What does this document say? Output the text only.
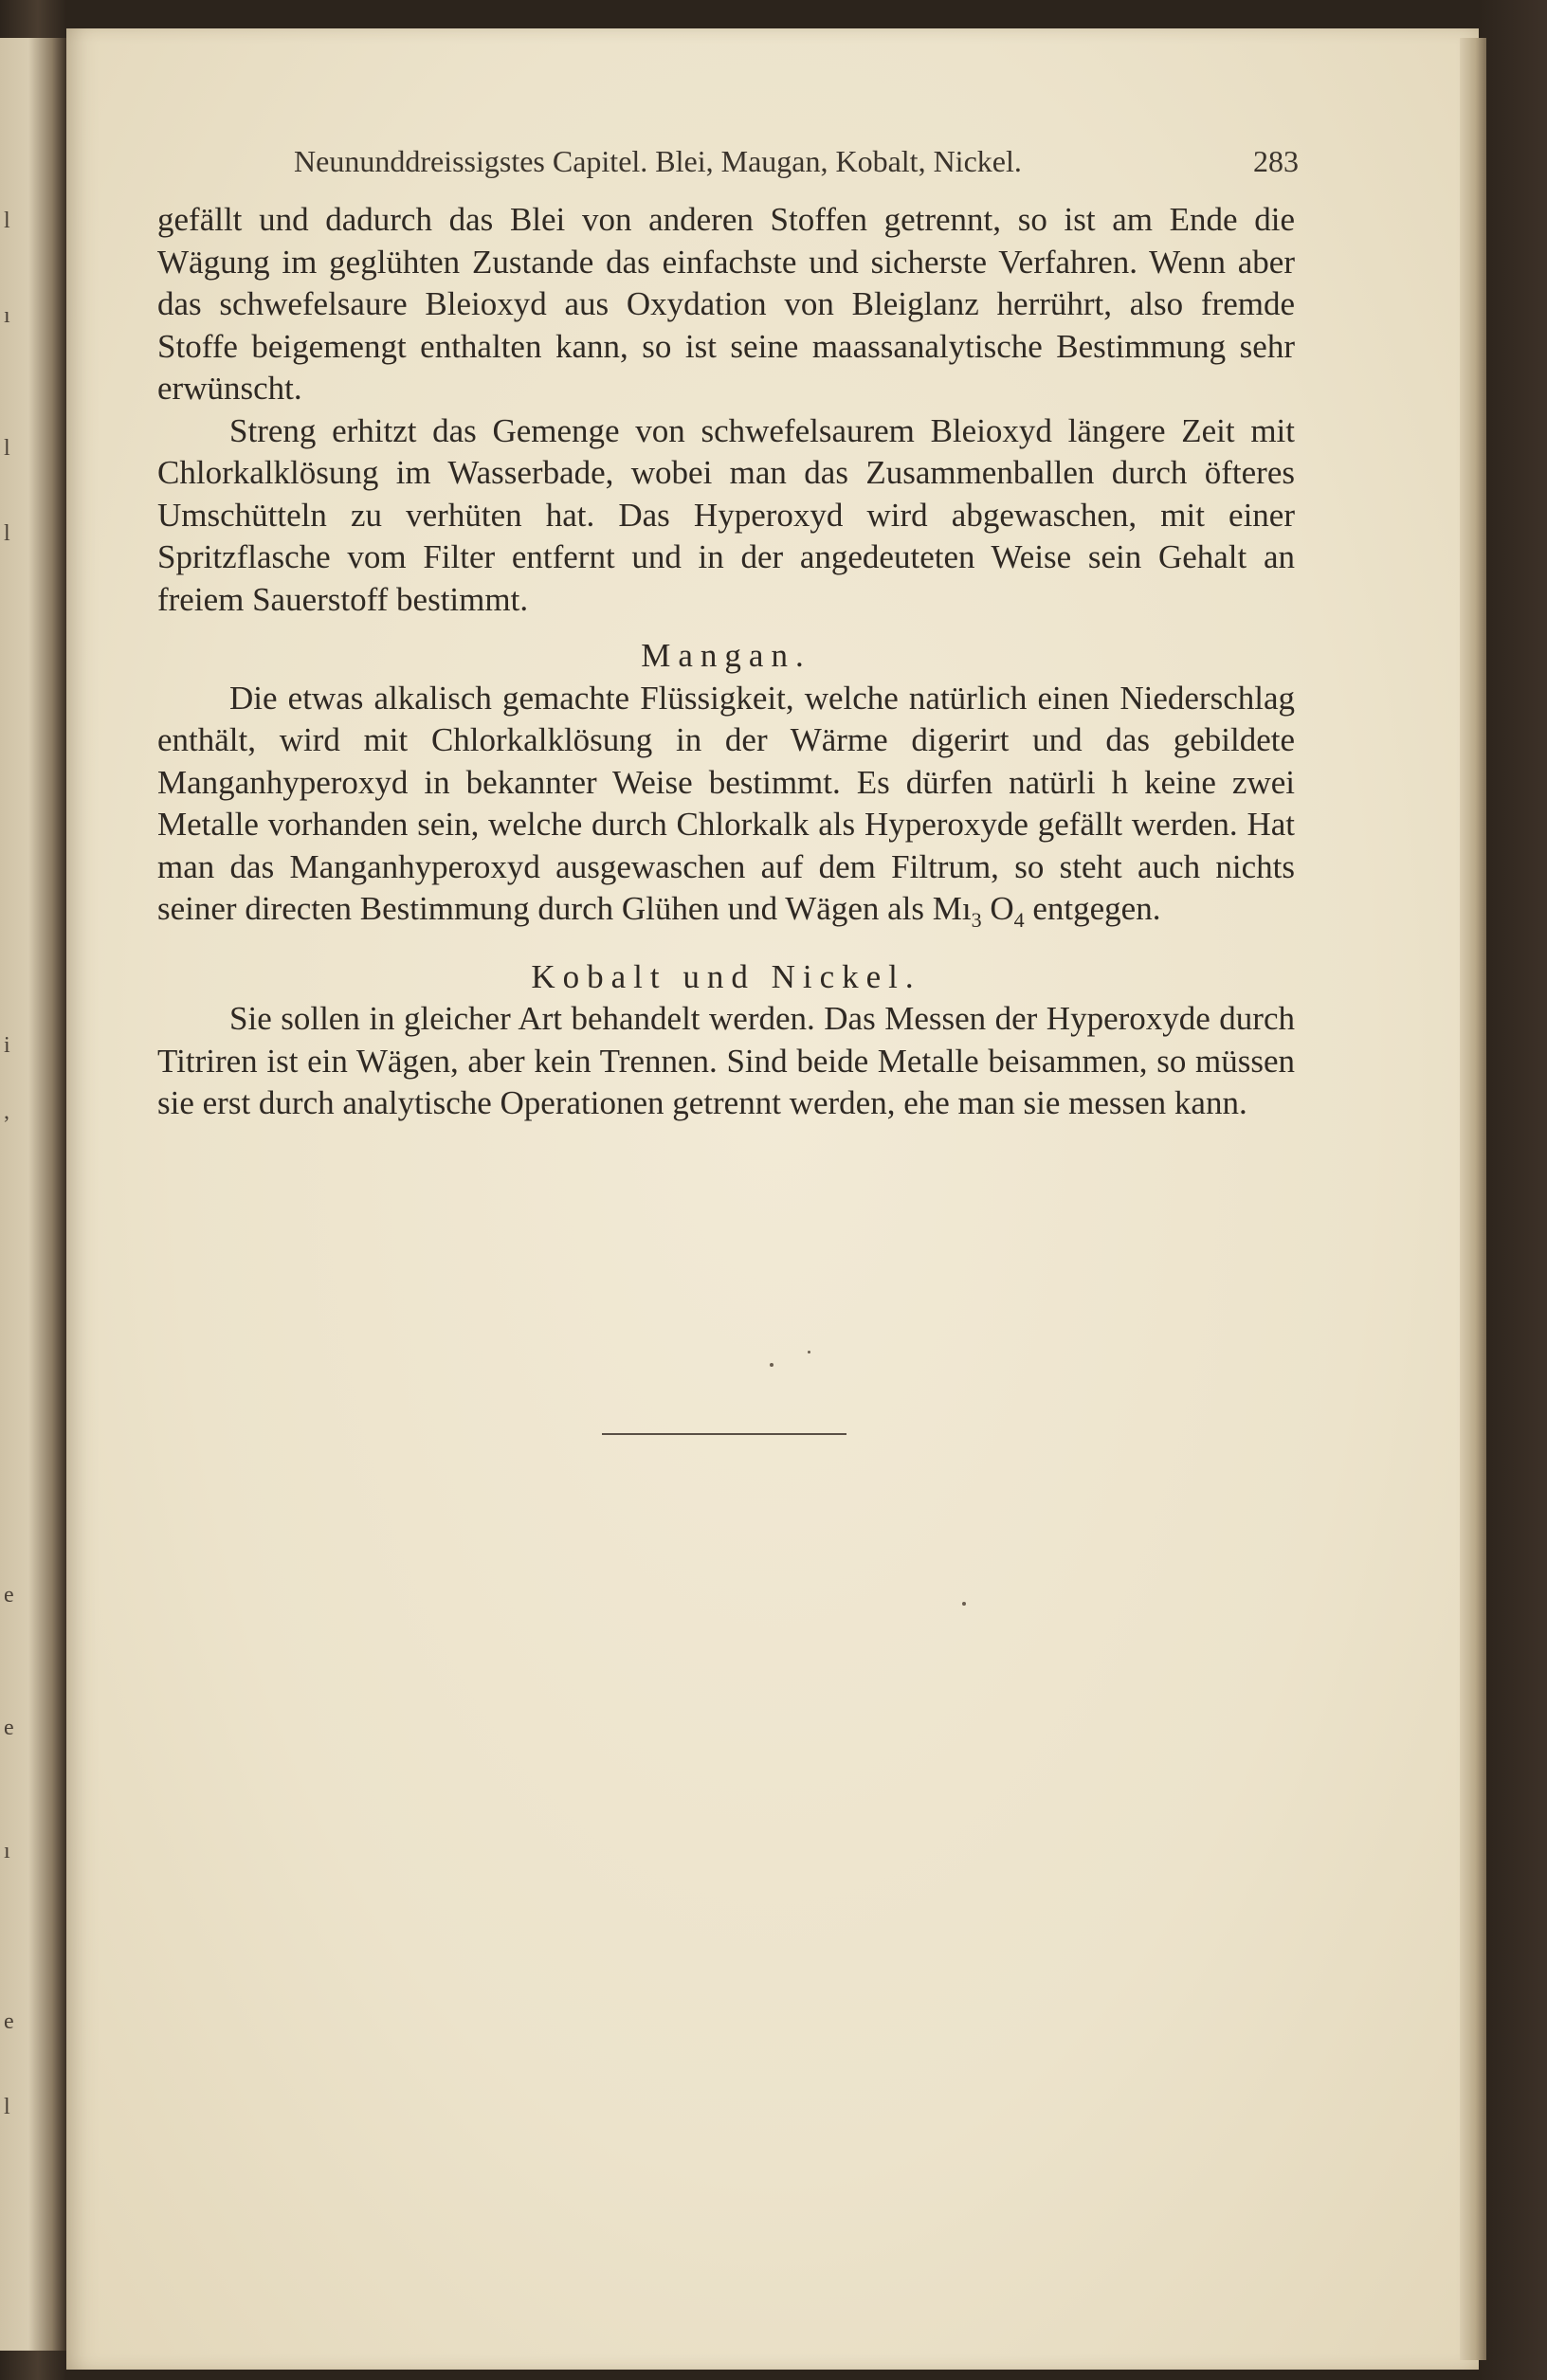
l
ı
l
l
i
,
e
e
ı
e
l
Neununddreissigstes Capitel. Blei, Maugan, Kobalt, Nickel.	283

gefällt und dadurch das Blei von anderen Stoffen getrennt, so ist am Ende die Wägung im geglühten Zustande das einfachste und sicherste Verfahren. Wenn aber das schwefelsaure Bleioxyd aus Oxydation von Bleiglanz herrührt, also fremde Stoffe beigemengt enthalten kann, so ist seine maassanalytische Bestimmung sehr erwünscht.

Streng erhitzt das Gemenge von schwefelsaurem Bleioxyd längere Zeit mit Chlorkalklösung im Wasserbade, wobei man das Zusammenballen durch öfteres Umschütteln zu verhüten hat. Das Hyperoxyd wird abgewaschen, mit einer Spritzflasche vom Filter entfernt und in der angedeuteten Weise sein Gehalt an freiem Sauerstoff bestimmt.

Mangan.

Die etwas alkalisch gemachte Flüssigkeit, welche natürlich einen Niederschlag enthält, wird mit Chlorkalklösung in der Wärme digerirt und das gebildete Manganhyperoxyd in bekannter Weise bestimmt. Es dürfen natürli h keine zwei Metalle vorhanden sein, welche durch Chlorkalk als Hyperoxyde gefällt werden. Hat man das Manganhyperoxyd ausgewaschen auf dem Filtrum, so steht auch nichts seiner directen Bestimmung durch Glühen und Wägen als $Mı_3$ $O_4$ entgegen.

Kobalt und Nickel.

Sie sollen in gleicher Art behandelt werden. Das Messen der Hyperoxyde durch Titriren ist ein Wägen, aber kein Trennen. Sind beide Metalle beisammen, so müssen sie erst durch analytische Operationen getrennt werden, ehe man sie messen kann.
